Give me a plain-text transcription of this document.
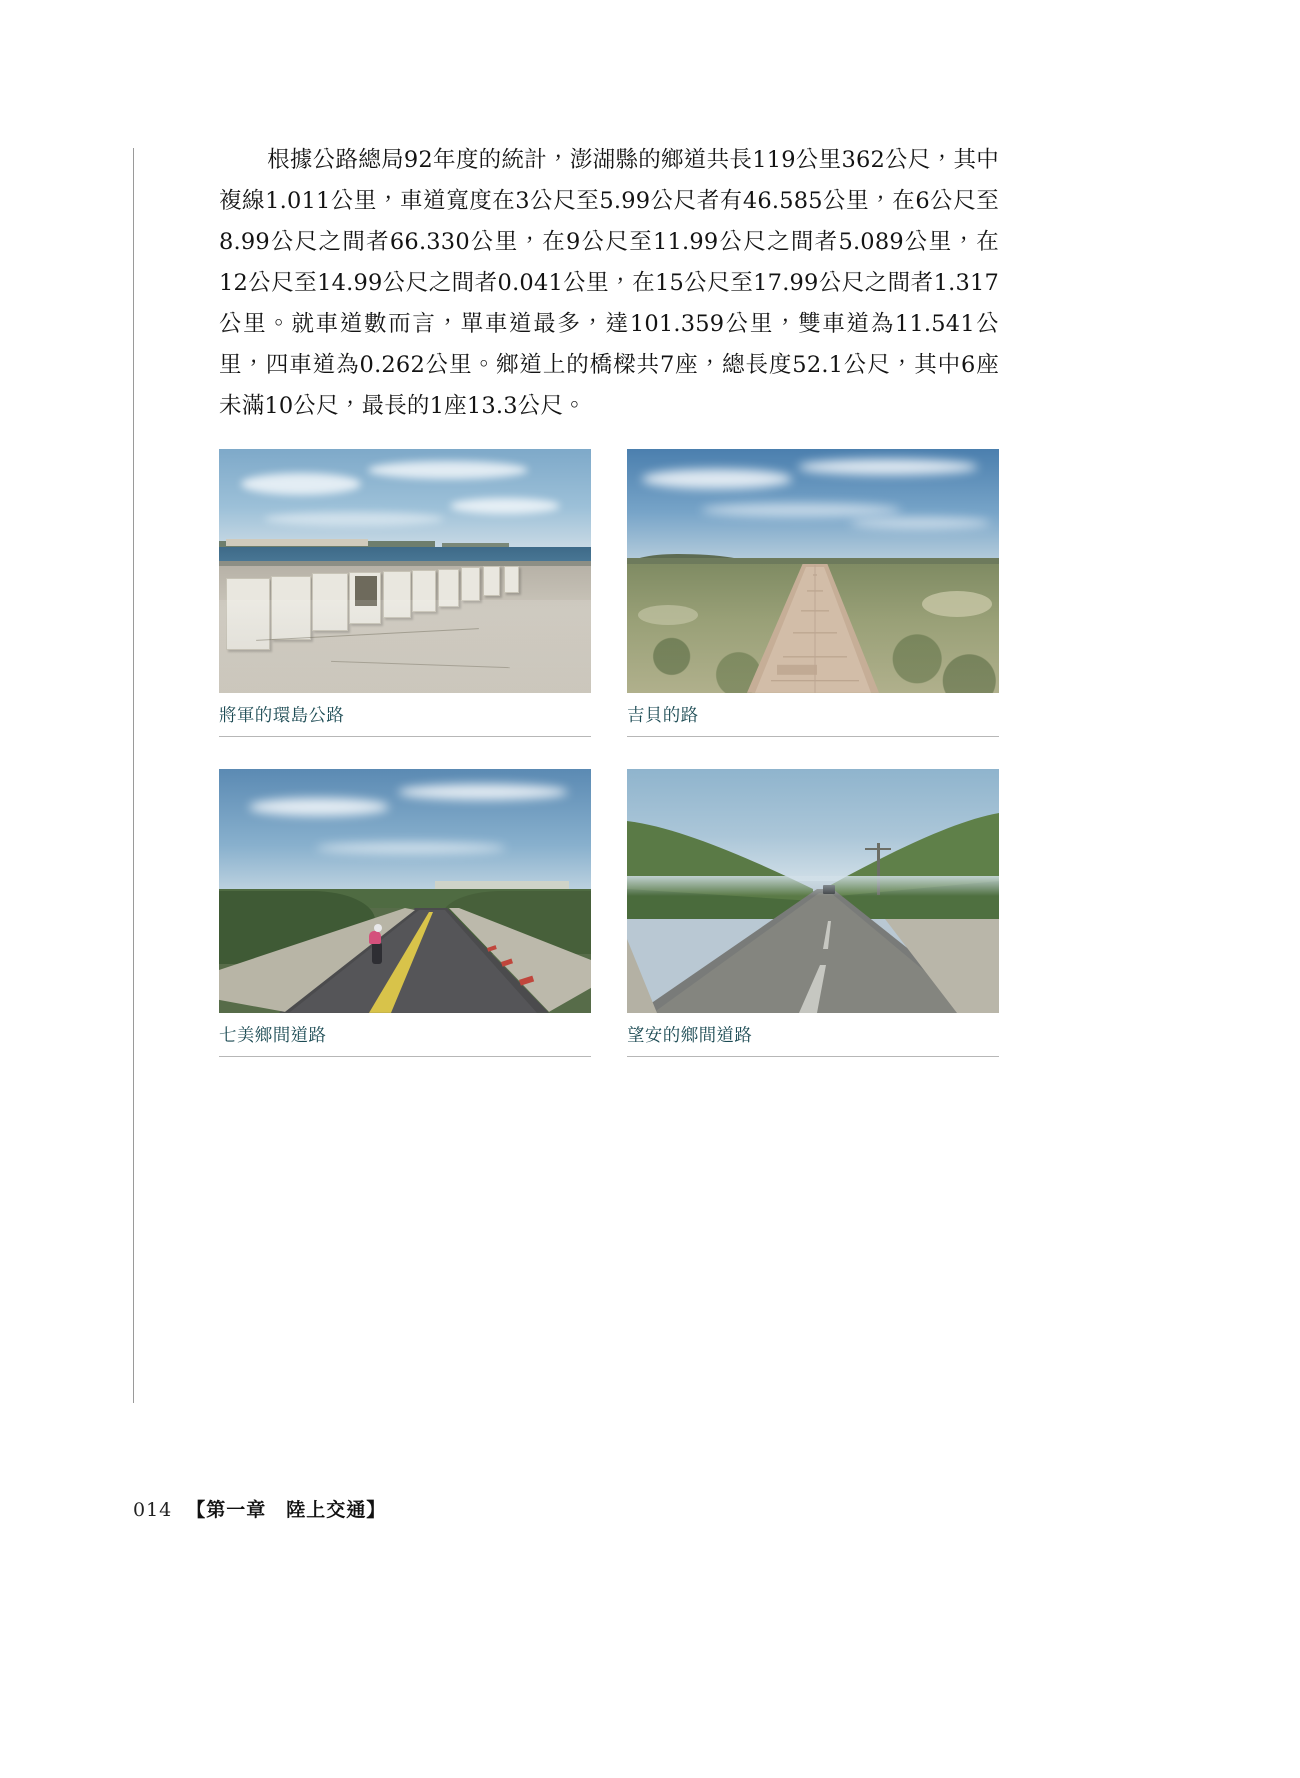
根據公路總局92年度的統計，澎湖縣的鄉道共長119公里362公尺，其中複線1.011公里，車道寬度在3公尺至5.99公尺者有46.585公里，在6公尺至8.99公尺之間者66.330公里，在9公尺至11.99公尺之間者5.089公里，在12公尺至14.99公尺之間者0.041公里，在15公尺至17.99公尺之間者1.317公里。就車道數而言，單車道最多，達101.359公里，雙車道為11.541公里，四車道為0.262公里。鄉道上的橋樑共7座，總長度52.1公尺，其中6座未滿10公尺，最長的1座13.3公尺。

將軍的環島公路	吉貝的路
七美鄉間道路	望安的鄉間道路
014 【第一章　陸上交通】
